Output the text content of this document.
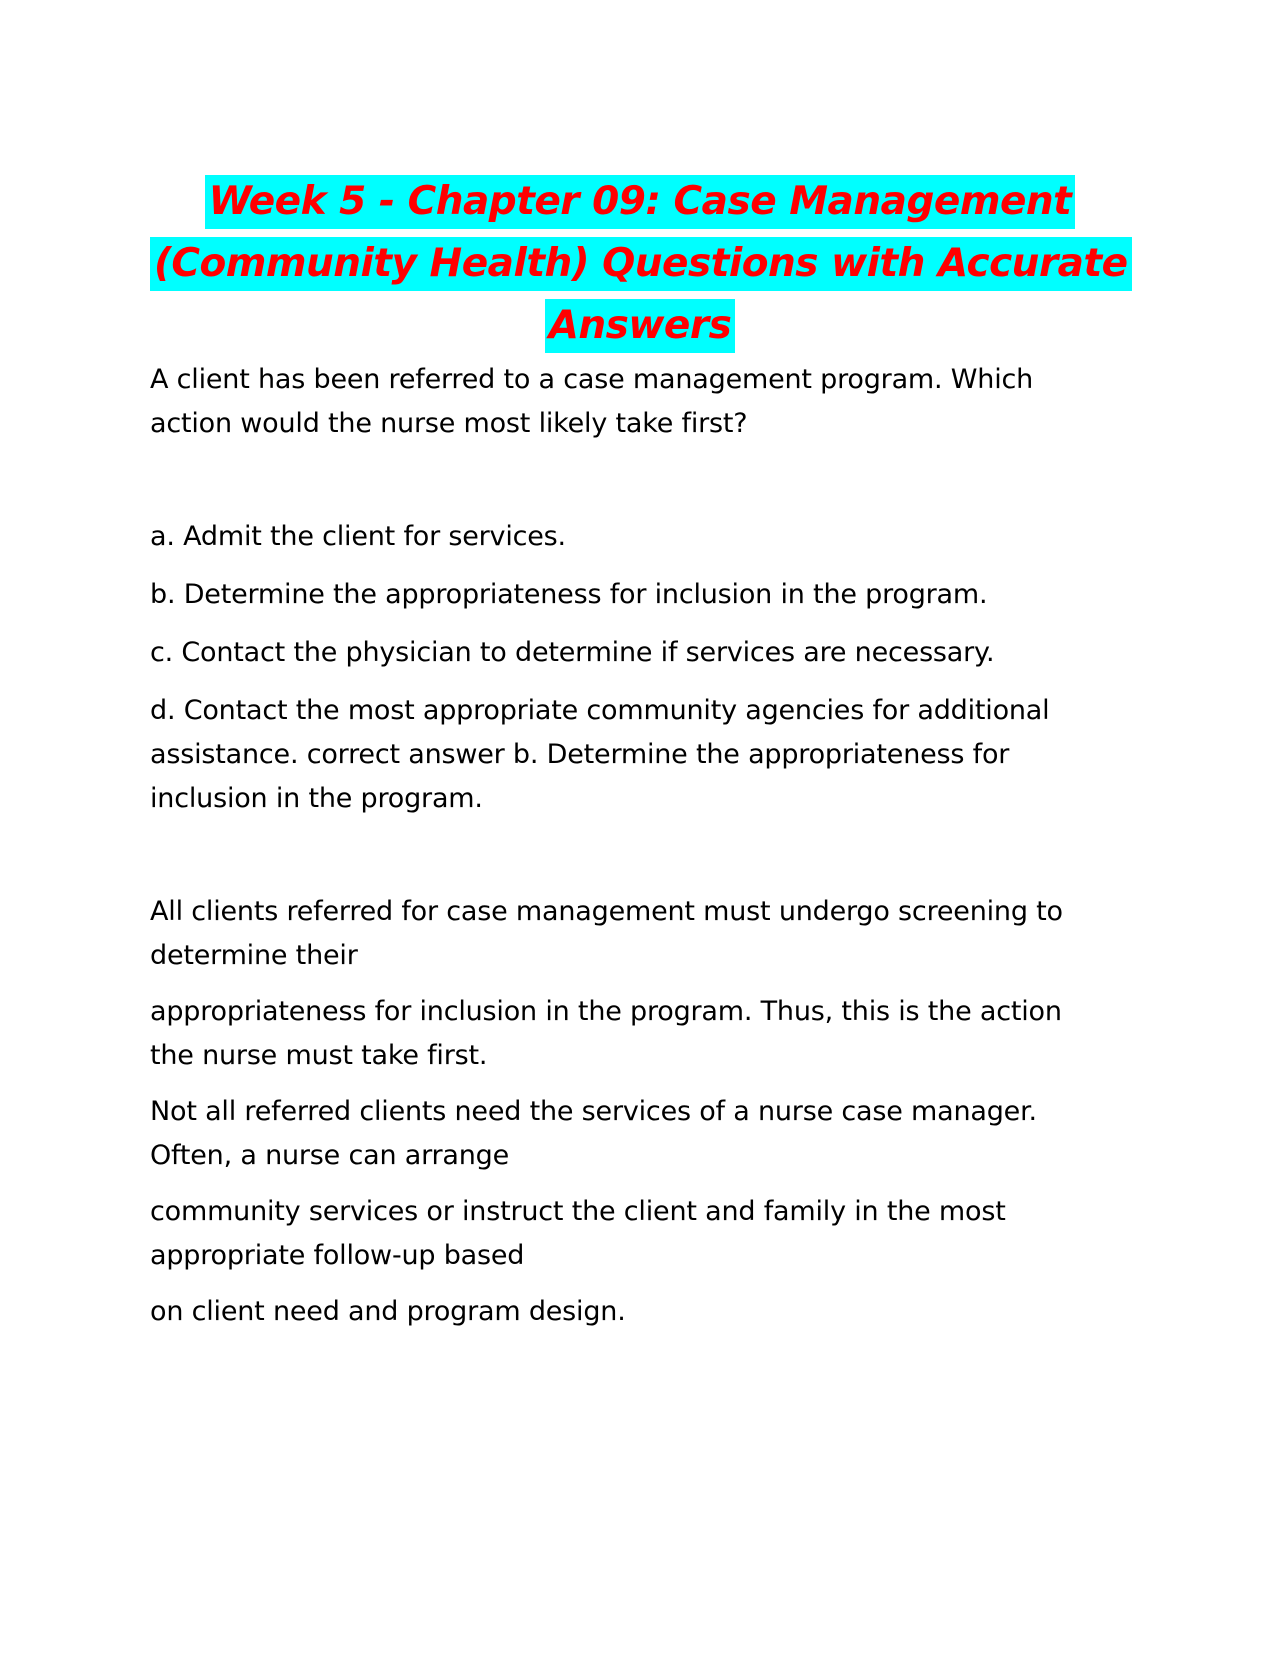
Week 5 - Chapter 09: Case Management
(Community Health) Questions with Accurate
Answers

A client has been referred to a case management program. Which action would the nurse most likely take first?

a. Admit the client for services.

b. Determine the appropriateness for inclusion in the program.

c. Contact the physician to determine if services are necessary.

d. Contact the most appropriate community agencies for additional assistance. correct answer b. Determine the appropriateness for inclusion in the program.

All clients referred for case management must undergo screening to determine their

appropriateness for inclusion in the program. Thus, this is the action the nurse must take first.

Not all referred clients need the services of a nurse case manager. Often, a nurse can arrange

community services or instruct the client and family in the most appropriate follow-up based

on client need and program design.
